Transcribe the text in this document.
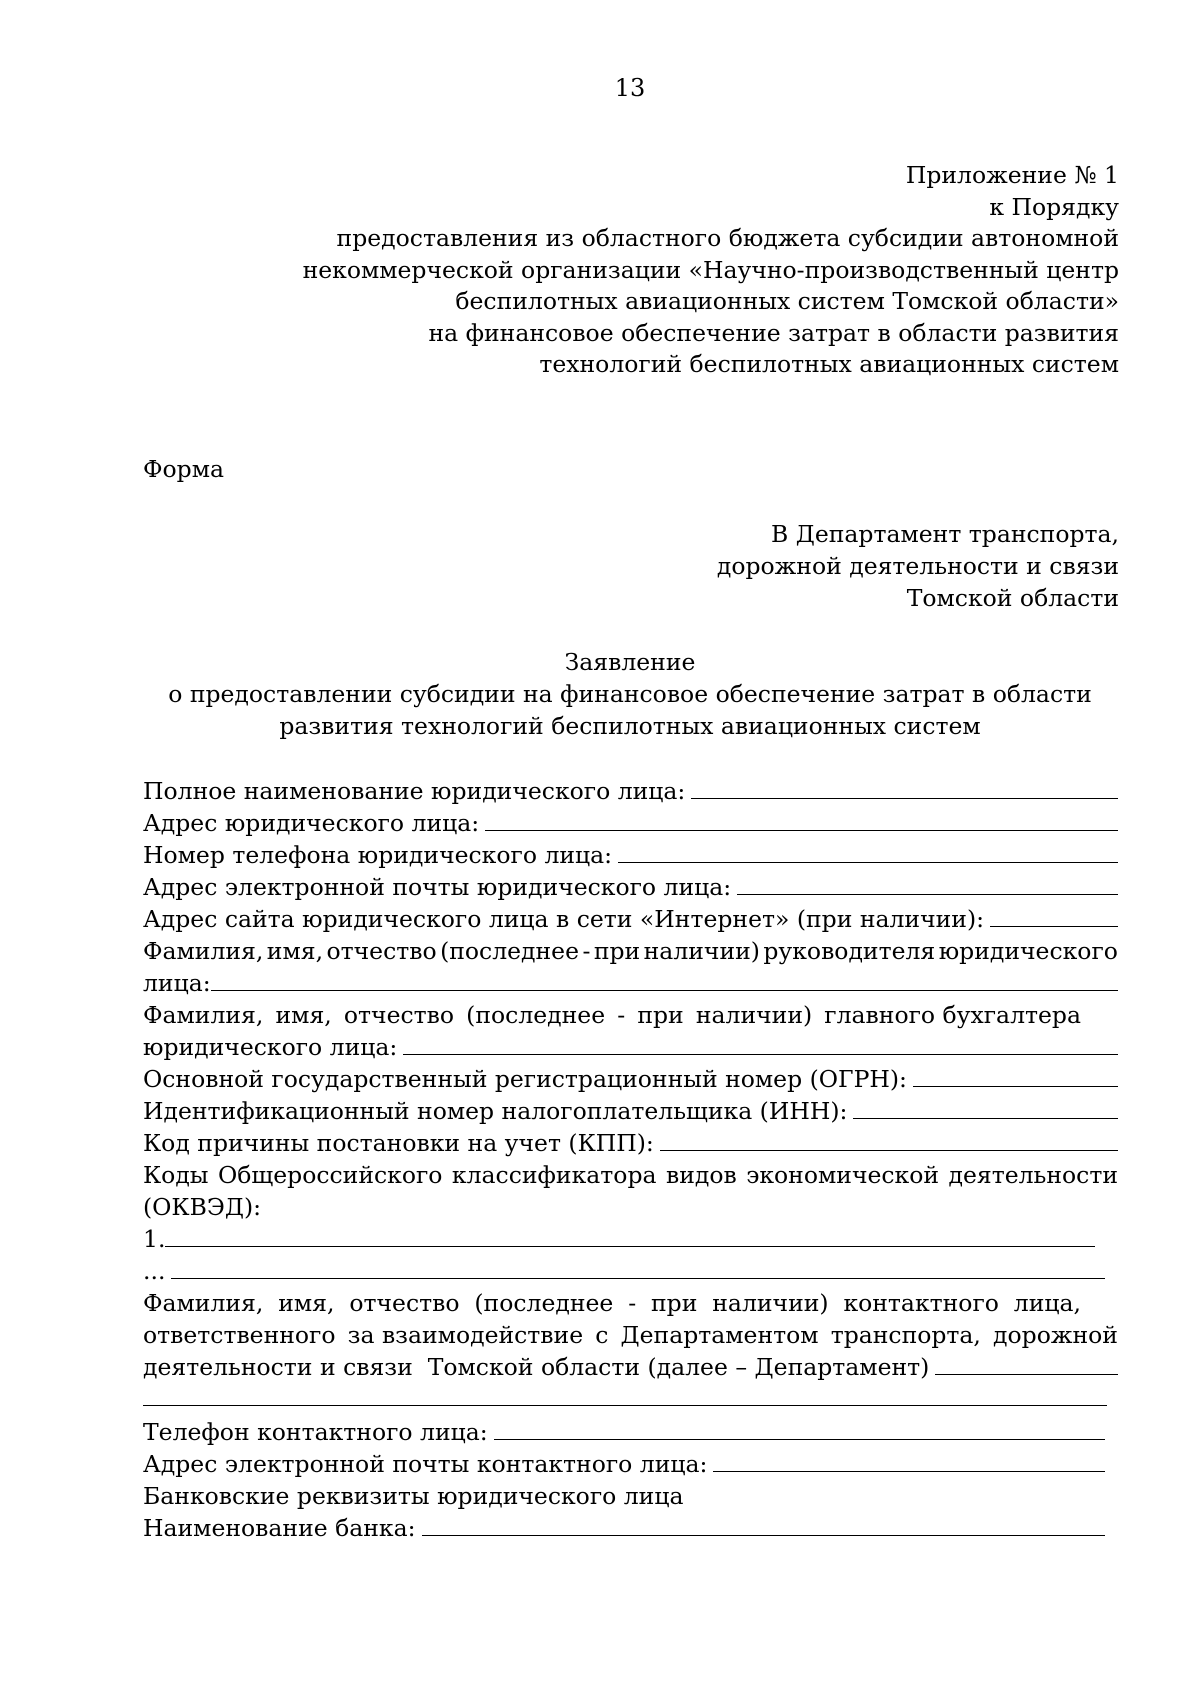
13
Приложение № 1
к Порядку
предоставления из областного бюджета субсидии автономной
некоммерческой организации «Научно-производственный центр
беспилотных авиационных систем Томской области»
на финансовое обеспечение затрат в области развития
технологий беспилотных авиационных систем
Форма
В Департамент транспорта,
дорожной деятельности и связи
Томской области
Заявление
о предоставлении субсидии на финансовое обеспечение затрат в области
развития технологий беспилотных авиационных систем
Полное наименование юридического лица:
Адрес юридического лица:
Номер телефона юридического лица:
Адрес электронной почты юридического лица:
Адрес сайта юридического лица в сети «Интернет» (при наличии):
Фамилия, имя, отчество (последнее - при наличии) руководителя юридического
лица:
Фамилия, имя, отчество (последнее - при наличии) главного бухгалтера
юридического лица:
Основной государственный регистрационный номер (ОГРН):
Идентификационный номер налогоплательщика (ИНН):
Код причины постановки на учет (КПП):
Коды Общероссийского классификатора видов экономической деятельности
(ОКВЭД):
1.
...
Фамилия, имя, отчество (последнее - при наличии) контактного лица,
ответственного за взаимодействие с Департаментом транспорта, дорожной
деятельности и связи  Томской области (далее – Департамент)
Телефон контактного лица:
Адрес электронной почты контактного лица:
Банковские реквизиты юридического лица
Наименование банка:
